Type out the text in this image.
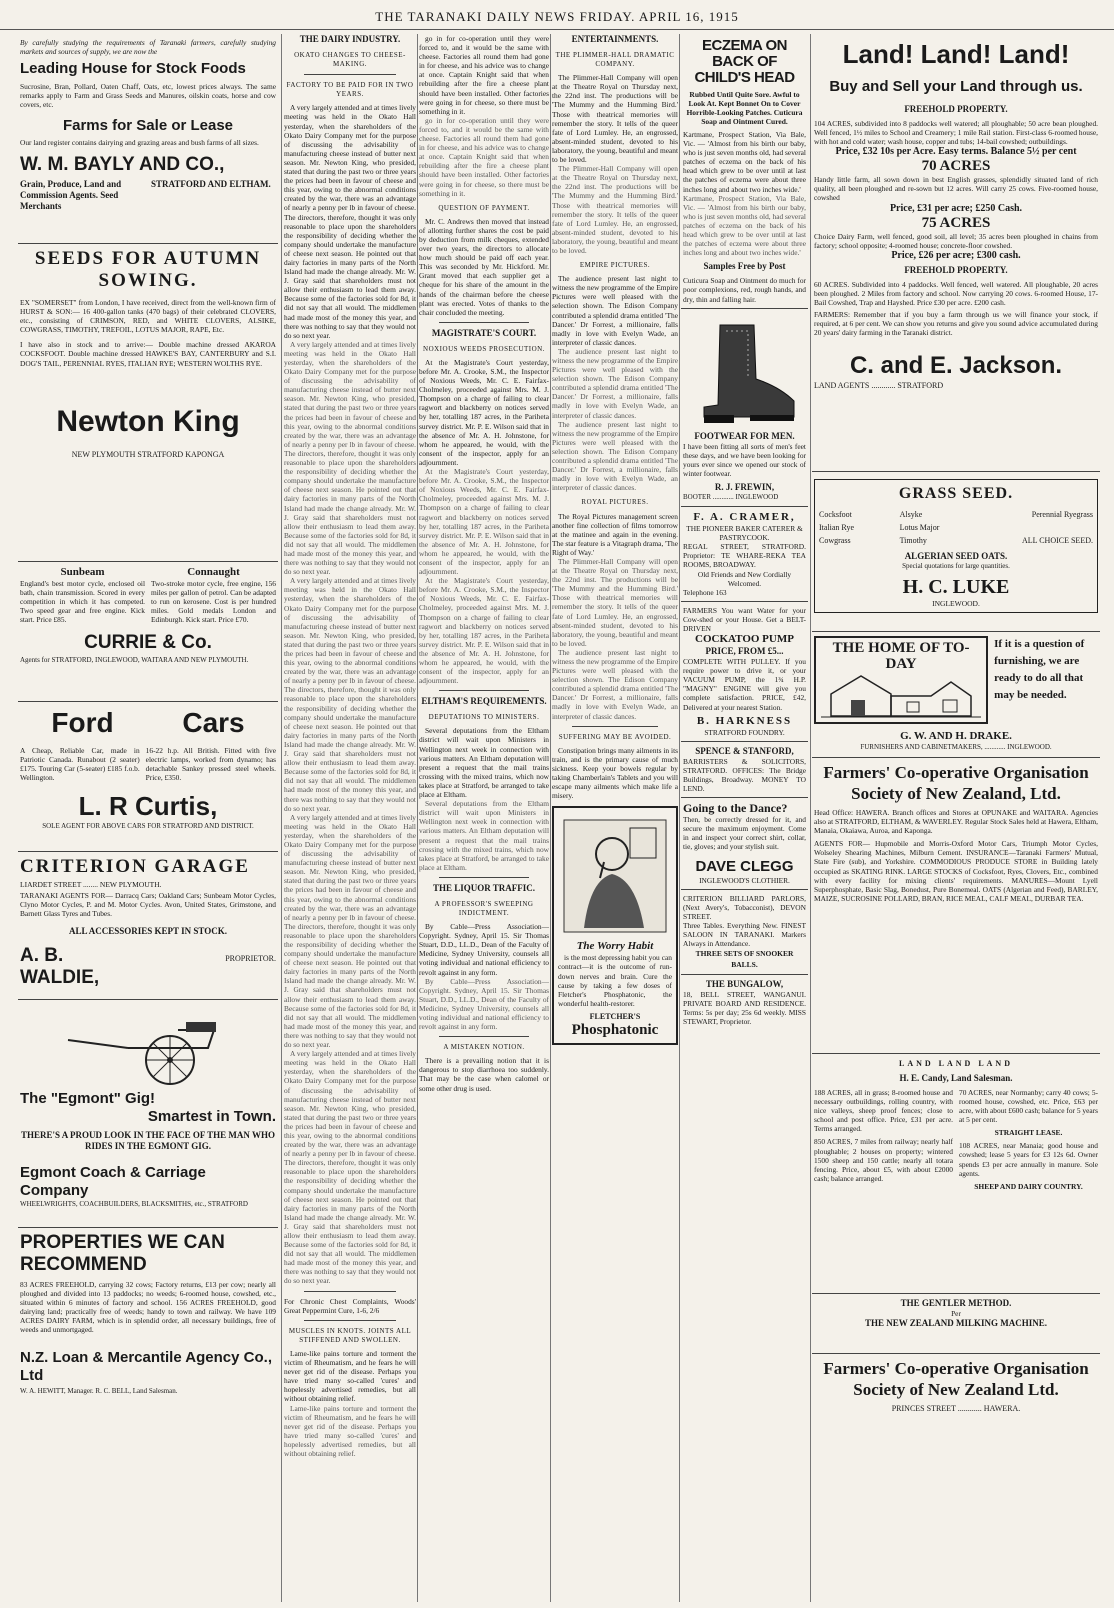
THE TARANAKI DAILY NEWS FRIDAY. APRIL 16, 1915

By carefully studying the requirements of Taranaki farmers, carefully studying markets and sources of supply, we are now the

Leading House for Stock Foods

Sucrosine, Bran, Pollard, Oaten Chaff, Oats, etc, lowest prices always. The same remarks apply to Farm and Grass Seeds and Manures, oilskin coats, horse and cow covers, etc.

Farms for Sale or Lease

Our land register contains dairying and grazing areas and bush farms of all sizes.

W. M. BAYLY AND CO.,
Grain, Produce, Land and Commission Agents. Seed Merchants
STRATFORD AND ELTHAM.
SEEDS FOR AUTUMN SOWING.

EX "SOMERSET" from London, I have received, direct from the well-known firm of HURST & SON:— 16 400-gallon tanks (470 bags) of their celebrated CLOVERS, etc., consisting of CRIMSON, RED, and WHITE CLOVERS, ALSIKE, COWGRASS, TIMOTHY, TREFOIL, LOTUS MAJOR, RAPE, Etc.

I have also in stock and to arrive:— Double machine dressed AKAROA COCKSFOOT. Double machine dressed HAWKE'S BAY, CANTERBURY and S.I. DOG'S TAIL, PERENNIAL RYES, ITALIAN RYE; WESTERN WOLTHS RYE.

Newton King
NEW PLYMOUTH STRATFORD KAPONGA
Sunbeam

England's best motor cycle, enclosed oil bath, chain transmission. Scored in every competition in which it has competed. Two speed gear and free engine. Kick start. Price £85.

Connaught

Two-stroke motor cycle, free engine, 156 miles per gallon of petrol. Can be adapted to run on kerosene. Cost is per hundred miles. Gold medals London and Edinburgh. Kick start. Price £70.

CURRIE & Co.
Agents for STRATFORD, INGLEWOOD, WAITARA AND NEW PLYMOUTH.
Ford	Cars

A Cheap, Reliable Car, made in Patriotic Canada. Runabout (2 seater) £175. Touring Car (5-seater) £185 f.o.b. Wellington.

16-22 h.p. All British. Fitted with five electric lamps, worked from dynamo; has detachable Sankey pressed steel wheels. Price, £350.

L. R Curtis,
SOLE AGENT FOR ABOVE CARS FOR STRATFORD AND DISTRICT.
CRITERION GARAGE
LIARDET STREET ........ NEW PLYMOUTH.

TARANAKI AGENTS FOR— Darracq Cars; Oakland Cars; Sunbeam Motor Cycles, Clyno Motor Cycles, P. and M. Motor Cycles. Avon, United States, Grimstone, and Barnett Glass Tyres and Tubes.

ALL ACCESSORIES KEPT IN STOCK.
A. B. WALDIE,
PROPRIETOR.
The "Egmont" Gig!
Smartest in Town.
THERE'S A PROUD LOOK IN THE FACE OF THE MAN WHO RIDES IN THE EGMONT GIG.
Egmont Coach & Carriage Company
WHEELWRIGHTS, COACHBUILDERS, BLACKSMITHS, etc., STRATFORD
PROPERTIES WE CAN RECOMMEND

83 ACRES FREEHOLD, carrying 32 cows; Factory returns, £13 per cow; nearly all ploughed and divided into 13 paddocks; no weeds; 6-roomed house, cowshed, etc., situated within 6 minutes of factory and school. 156 ACRES FREEHOLD, good dairying land; practically free of weeds; handy to town and railway. We have 109 ACRES DAIRY FARM, which is in splendid order, all necessary buildings, free of weeds and unmortgaged.

N.Z. Loan & Mercantile Agency Co., Ltd
W. A. HEWITT, Manager. R. C. BELL, Land Salesman.
THE DAIRY INDUSTRY.
OKATO CHANGES TO CHEESE-MAKING.
FACTORY TO BE PAID FOR IN TWO YEARS.

A very largely attended and at times lively meeting was held in the Okato Hall yesterday, when the shareholders of the Okato Dairy Company met for the purpose of discussing the advisability of manufacturing cheese instead of butter next season. Mr. Newton King, who presided, stated that during the past two or three years the prices had been in favour of cheese and this year, owing to the abnormal conditions created by the war, there was an advantage of nearly a penny per lb in favour of cheese. The directors, therefore, thought it was only reasonable to place upon the shareholders the responsibility of deciding whether the company should undertake the manufacture of cheese next season. He pointed out that dairy factories in many parts of the North Island had made the change already. Mr. W. J. Gray said that shareholders must not allow their enthusiasm to lead them away. Because some of the factories sold for 8d, it did not say that all would. The middlemen had made most of the money this year, and there was nothing to say that they would not do so next year.

A very largely attended and at times lively meeting was held in the Okato Hall yesterday, when the shareholders of the Okato Dairy Company met for the purpose of discussing the advisability of manufacturing cheese instead of butter next season. Mr. Newton King, who presided, stated that during the past two or three years the prices had been in favour of cheese and this year, owing to the abnormal conditions created by the war, there was an advantage of nearly a penny per lb in favour of cheese. The directors, therefore, thought it was only reasonable to place upon the shareholders the responsibility of deciding whether the company should undertake the manufacture of cheese next season. He pointed out that dairy factories in many parts of the North Island had made the change already. Mr. W. J. Gray said that shareholders must not allow their enthusiasm to lead them away. Because some of the factories sold for 8d, it did not say that all would. The middlemen had made most of the money this year, and there was nothing to say that they would not do so next year.

A very largely attended and at times lively meeting was held in the Okato Hall yesterday, when the shareholders of the Okato Dairy Company met for the purpose of discussing the advisability of manufacturing cheese instead of butter next season. Mr. Newton King, who presided, stated that during the past two or three years the prices had been in favour of cheese and this year, owing to the abnormal conditions created by the war, there was an advantage of nearly a penny per lb in favour of cheese. The directors, therefore, thought it was only reasonable to place upon the shareholders the responsibility of deciding whether the company should undertake the manufacture of cheese next season. He pointed out that dairy factories in many parts of the North Island had made the change already. Mr. W. J. Gray said that shareholders must not allow their enthusiasm to lead them away. Because some of the factories sold for 8d, it did not say that all would. The middlemen had made most of the money this year, and there was nothing to say that they would not do so next year.

A very largely attended and at times lively meeting was held in the Okato Hall yesterday, when the shareholders of the Okato Dairy Company met for the purpose of discussing the advisability of manufacturing cheese instead of butter next season. Mr. Newton King, who presided, stated that during the past two or three years the prices had been in favour of cheese and this year, owing to the abnormal conditions created by the war, there was an advantage of nearly a penny per lb in favour of cheese. The directors, therefore, thought it was only reasonable to place upon the shareholders the responsibility of deciding whether the company should undertake the manufacture of cheese next season. He pointed out that dairy factories in many parts of the North Island had made the change already. Mr. W. J. Gray said that shareholders must not allow their enthusiasm to lead them away. Because some of the factories sold for 8d, it did not say that all would. The middlemen had made most of the money this year, and there was nothing to say that they would not do so next year.

A very largely attended and at times lively meeting was held in the Okato Hall yesterday, when the shareholders of the Okato Dairy Company met for the purpose of discussing the advisability of manufacturing cheese instead of butter next season. Mr. Newton King, who presided, stated that during the past two or three years the prices had been in favour of cheese and this year, owing to the abnormal conditions created by the war, there was an advantage of nearly a penny per lb in favour of cheese. The directors, therefore, thought it was only reasonable to place upon the shareholders the responsibility of deciding whether the company should undertake the manufacture of cheese next season. He pointed out that dairy factories in many parts of the North Island had made the change already. Mr. W. J. Gray said that shareholders must not allow their enthusiasm to lead them away. Because some of the factories sold for 8d, it did not say that all would. The middlemen had made most of the money this year, and there was nothing to say that they would not do so next year.

For Chronic Chest Complaints, Woods' Great Peppermint Cure, 1-6, 2/6

MUSCLES IN KNOTS. JOINTS ALL STIFFENED AND SWOLLEN.

Lame-like pains torture and torment the victim of Rheumatism, and he fears he will never get rid of the disease. Perhaps you have tried many so-called 'cures' and hopelessly advertised remedies, but all without obtaining relief.

Lame-like pains torture and torment the victim of Rheumatism, and he fears he will never get rid of the disease. Perhaps you have tried many so-called 'cures' and hopelessly advertised remedies, but all without obtaining relief.

go in for co-operation until they were forced to, and it would be the same with cheese. Factories all round them had gone in for cheese, and his advice was to change at once. Captain Knight said that when rebuilding after the fire a cheese plant should have been installed. Other factories were going in for cheese, so there must be something in it.

go in for co-operation until they were forced to, and it would be the same with cheese. Factories all round them had gone in for cheese, and his advice was to change at once. Captain Knight said that when rebuilding after the fire a cheese plant should have been installed. Other factories were going in for cheese, so there must be something in it.

QUESTION OF PAYMENT.

Mr. C. Andrews then moved that instead of allotting further shares the cost be paid by deduction from milk cheques, extended over two years, the directors to allocate how much should be paid off each year. This was seconded by Mr. Hickford. Mr. Grant moved that each supplier get a cheque for his share of the amount in the hands of the chairman before the cheese plant was erected. Votes of thanks to the chair concluded the meeting.

MAGISTRATE'S COURT.
NOXIOUS WEEDS PROSECUTION.

At the Magistrate's Court yesterday, before Mr. A. Crooke, S.M., the Inspector of Noxious Weeds, Mr. C. E. Fairfax-Cholmeley, proceeded against Mrs. M. J. Thompson on a charge of failing to clear ragwort and blackberry on notices served by her, totalling 187 acres, in the Pariheta survey district. Mr. P. E. Wilson said that in the absence of Mr. A. H. Johnstone, for whom he appeared, he would, with the consent of the inspector, apply for an adjournment.

At the Magistrate's Court yesterday, before Mr. A. Crooke, S.M., the Inspector of Noxious Weeds, Mr. C. E. Fairfax-Cholmeley, proceeded against Mrs. M. J. Thompson on a charge of failing to clear ragwort and blackberry on notices served by her, totalling 187 acres, in the Pariheta survey district. Mr. P. E. Wilson said that in the absence of Mr. A. H. Johnstone, for whom he appeared, he would, with the consent of the inspector, apply for an adjournment.

At the Magistrate's Court yesterday, before Mr. A. Crooke, S.M., the Inspector of Noxious Weeds, Mr. C. E. Fairfax-Cholmeley, proceeded against Mrs. M. J. Thompson on a charge of failing to clear ragwort and blackberry on notices served by her, totalling 187 acres, in the Pariheta survey district. Mr. P. E. Wilson said that in the absence of Mr. A. H. Johnstone, for whom he appeared, he would, with the consent of the inspector, apply for an adjournment.

ELTHAM'S REQUIREMENTS.
DEPUTATIONS TO MINISTERS.

Several deputations from the Eltham district will wait upon Ministers in Wellington next week in connection with various matters. An Eltham deputation will present a request that the mail trains crossing with the mixed trains, which now takes place at Stratford, be arranged to take place at Eltham.

Several deputations from the Eltham district will wait upon Ministers in Wellington next week in connection with various matters. An Eltham deputation will present a request that the mail trains crossing with the mixed trains, which now takes place at Stratford, be arranged to take place at Eltham.

THE LIQUOR TRAFFIC.
A PROFESSOR'S SWEEPING INDICTMENT.

By Cable—Press Association—Copyright. Sydney, April 15. Sir Thomas Stuart, D.D., LL.D., Dean of the Faculty of Medicine, Sydney University, counsels all voting individual and national efficiency to revolt against in any form.

By Cable—Press Association—Copyright. Sydney, April 15. Sir Thomas Stuart, D.D., LL.D., Dean of the Faculty of Medicine, Sydney University, counsels all voting individual and national efficiency to revolt against in any form.

A MISTAKEN NOTION.

There is a prevailing notion that it is dangerous to stop diarrhoea too suddenly. That may be the case when calomel or some other drug is used.

ENTERTAINMENTS.
THE PLIMMER-HALL DRAMATIC COMPANY.

The Plimmer-Hall Company will open at the Theatre Royal on Thursday next, the 22nd inst. The productions will be 'The Mummy and the Humming Bird.' Those with theatrical memories will remember the story. It tells of the queer fate of Lord Lumley. He, an engrossed, absent-minded student, devoted to his laboratory, the young, beautiful and meant to be loved.

The Plimmer-Hall Company will open at the Theatre Royal on Thursday next, the 22nd inst. The productions will be 'The Mummy and the Humming Bird.' Those with theatrical memories will remember the story. It tells of the queer fate of Lord Lumley. He, an engrossed, absent-minded student, devoted to his laboratory, the young, beautiful and meant to be loved.

EMPIRE PICTURES.

The audience present last night to witness the new programme of the Empire Pictures were well pleased with the selection shown. The Edison Company contributed a splendid drama entitled 'The Dancer.' Dr Forrest, a millionaire, falls madly in love with Evelyn Wade, an interpreter of classic dances.

The audience present last night to witness the new programme of the Empire Pictures were well pleased with the selection shown. The Edison Company contributed a splendid drama entitled 'The Dancer.' Dr Forrest, a millionaire, falls madly in love with Evelyn Wade, an interpreter of classic dances.

The audience present last night to witness the new programme of the Empire Pictures were well pleased with the selection shown. The Edison Company contributed a splendid drama entitled 'The Dancer.' Dr Forrest, a millionaire, falls madly in love with Evelyn Wade, an interpreter of classic dances.

ROYAL PICTURES.

The Royal Pictures management screen another fine collection of films tomorrow at the matinee and again in the evening. The star feature is a Vitagraph drama, 'The Right of Way.'

The Plimmer-Hall Company will open at the Theatre Royal on Thursday next, the 22nd inst. The productions will be 'The Mummy and the Humming Bird.' Those with theatrical memories will remember the story. It tells of the queer fate of Lord Lumley. He, an engrossed, absent-minded student, devoted to his laboratory, the young, beautiful and meant to be loved.

The audience present last night to witness the new programme of the Empire Pictures were well pleased with the selection shown. The Edison Company contributed a splendid drama entitled 'The Dancer.' Dr Forrest, a millionaire, falls madly in love with Evelyn Wade, an interpreter of classic dances.

SUFFERING MAY BE AVOIDED.

Constipation brings many ailments in its train, and is the primary cause of much sickness. Keep your bowels regular by taking Chamberlain's Tablets and you will escape many ailments which make life a misery.

The Worry Habit

is the most depressing habit you can contract—it is the outcome of run-down nerves and brain. Cure the cause by taking a few doses of Fletcher's Phosphatonic, the wonderful health-restorer.

FLETCHER'S
Phosphatonic
ECZEMA ON BACK OF CHILD'S HEAD
Rubbed Until Quite Sore. Awful to Look At. Kept Bonnet On to Cover Horrible-Looking Patches. Cuticura Soap and Ointment Cured.

Kartmane, Prospect Station, Via Bale, Vic. — 'Almost from his birth our baby, who is just seven months old, had several patches of eczema on the back of his head which grew to be over until at last the patches of eczema were about three inches long and about two inches wide.'

Kartmane, Prospect Station, Via Bale, Vic. — 'Almost from his birth our baby, who is just seven months old, had several patches of eczema on the back of his head which grew to be over until at last the patches of eczema were about three inches long and about two inches wide.'

Samples Free by Post

Cuticura Soap and Ointment do much for poor complexions, red, rough hands, and dry, thin and falling hair.

FOOTWEAR FOR MEN.

I have been fitting all sorts of men's feet these days, and we have been looking for yours ever since we opened our stock of winter footwear.

R. J. FREWIN,
BOOTER ............ INGLEWOOD
F. A. CRAMER,
THE PIONEER BAKER CATERER & PASTRYCOOK.

REGAL STREET, STRATFORD. Proprietor: TE WHARE-REKA TEA ROOMS, BROADWAY.

Old Friends and New Cordially Welcomed.
Telephone 163

FARMERS You want Water for your Cow-shed or your House. Get a BELT-DRIVEN

COCKATOO PUMP
PRICE, FROM £5...

COMPLETE WITH PULLEY. If you require power to drive it, or your VACUUM PUMP, the 1¾ H.P. "MAGNY" ENGINE will give you complete satisfaction. PRICE, £42, Delivered at your nearest Station.

B. HARKNESS
STRATFORD FOUNDRY.
SPENCE & STANFORD,

BARRISTERS & SOLICITORS, STRATFORD. OFFICES: The Bridge Buildings, Broadway. MONEY TO LEND.

Going to the Dance?

Then, be correctly dressed for it, and secure the maximum enjoyment. Come in and inspect your correct shirt, collar, tie, gloves; and your stylish suit.

DAVE CLEGG
INGLEWOOD'S CLOTHIER.

CRITERION BILLIARD PARLORS, (Next Avery's, Tobacconist), DEVON STREET.

Three Tables. Everything New. FINEST SALOON IN TARANAKI. Markers Always in Attendance.

THREE SETS OF SNOOKER BALLS.
THE BUNGALOW,

18, BELL STREET, WANGANUI. PRIVATE BOARD AND RESIDENCE. Terms: 5s per day; 25s 6d weekly. MISS STEWART, Proprietor.

Land! Land! Land!
Buy and Sell your Land through us.
FREEHOLD PROPERTY.

104 ACRES, subdivided into 8 paddocks well watered; all ploughable; 50 acre bean ploughed. Well fenced, 1½ miles to School and Creamery; 1 mile Rail station. First-class 6-roomed house, with hot and cold water; wash house, copper and tubs; 14-bail cowshed; outbuildings.

Price, £32 10s per Acre. Easy terms. Balance 5½ per cent
70 ACRES

Handy little farm, all sown down in best English grasses, splendidly situated land of rich quality, all been ploughed and re-sown but 12 acres. Will carry 25 cows. Five-roomed house, cowshed

Price, £31 per acre; £250 Cash.
75 ACRES

Choice Dairy Farm, well fenced, good soil, all level; 35 acres been ploughed in chains from factory; school opposite; 4-roomed house; concrete-floor cowshed.

Price, £26 per acre; £300 cash.
FREEHOLD PROPERTY.

60 ACRES. Subdivided into 4 paddocks. Well fenced, well watered. All ploughable, 20 acres been ploughed. 2 Miles from factory and school. Now carrying 20 cows. 6-roomed House, 17-Bail Cowshed, Trap and Hayshed. Price £30 per acre. £200 cash.

FARMERS: Remember that if you buy a farm through us we will finance your stock, if required, at 6 per cent. We can show you returns and give you sound advice accumulated during 20 years' dairy farming in the Taranaki district.

C. and E. Jackson.
LAND AGENTS ............ STRATFORD
GRASS SEED.
Cocksfoot	Alsyke	Perennial Ryegrass
Italian Rye	Lotus Major
Cowgrass	Timothy	ALL CHOICE SEED.
ALGERIAN SEED OATS.
Special quotations for large quantities.
H. C. LUKE
INGLEWOOD.
THE HOME OF TO-DAY
If it is a question of furnishing, we are ready to do all that may be needed.
G. W. AND H. DRAKE.
FURNISHERS AND CABINETMAKERS, ............ INGLEWOOD.
Farmers' Co-operative Organisation Society of New Zealand, Ltd.

Head Office: HAWERA. Branch offices and Stores at OPUNAKE and WAITARA. Agencies also at STRATFORD, ELTHAM, & WAVERLEY. Regular Stock Sales held at Hawera, Eltham, Manaia, Okaiawa, Auroa, and Kaponga.

AGENTS FOR— Hupmobile and Morris-Oxford Motor Cars, Triumph Motor Cycles, Wolseley Shearing Machines, Milburn Cement. INSURANCE—Taranaki Farmers' Mutual, State Fire (sub), and Yorkshire. COMMODIOUS PRODUCE STORE in Building lately occupied as SKATING RINK. LARGE STOCKS of Cocksfoot, Ryes, Clovers, Etc., combined with every facility for mixing clients' requirements. MANURES—Mount Lyell Superphosphate, Basic Slag, Bonedust, Pure Bonemeal. OATS (Algerian and Feed), BARLEY, MAIZE, SUCROSINE POLLARD, BRAN, RICE MEAL, CALF MEAL, DURBAR TEA.

LAND LAND LAND
H. E. Candy, Land Salesman.

188 ACRES, all in grass; 8-roomed house and necessary outbuildings, rolling country, with nice valleys, sheep proof fences; close to school and post office. Price, £31 per acre. Terms arranged.

850 ACRES, 7 miles from railway; nearly half ploughable; 2 houses on property; wintered 1500 sheep and 150 cattle; nearly all totara fencing. Price, about £5, with about £2000 cash; balance arranged.

70 ACRES, near Normanby; carry 40 cows; 5-roomed house, cowshed, etc. Price, £63 per acre, with about £600 cash; balance for 5 years at 5 per cent.

STRAIGHT LEASE.

108 ACRES, near Manaia; good house and cowshed; lease 5 years for £3 12s 6d. Owner spends £3 per acre annually in manure. Sole agents.

SHEEP AND DAIRY COUNTRY.
THE GENTLER METHOD.
Per
THE NEW ZEALAND MILKING MACHINE.
Farmers' Co-operative Organisation Society of New Zealand Ltd.
PRINCES STREET ............ HAWERA.
